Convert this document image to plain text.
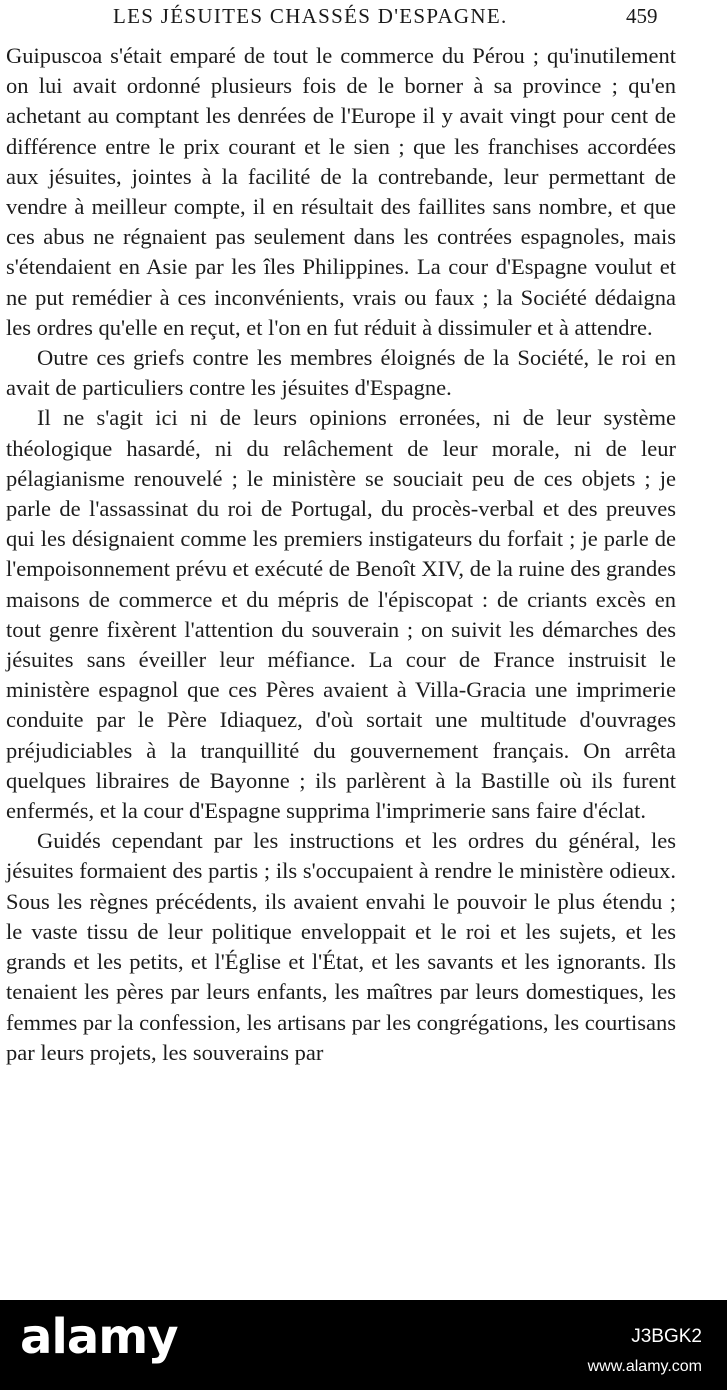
LES JÉSUITES CHASSÉS D'ESPAGNE.	459

Guipuscoa s'était emparé de tout le commerce du Pérou ; qu'inutilement on lui avait ordonné plusieurs fois de le borner à sa province ; qu'en achetant au comptant les denrées de l'Europe il y avait vingt pour cent de différence entre le prix courant et le sien ; que les franchises accordées aux jésuites, jointes à la facilité de la contrebande, leur permettant de vendre à meilleur compte, il en résultait des faillites sans nombre, et que ces abus ne régnaient pas seulement dans les contrées espagnoles, mais s'étendaient en Asie par les îles Philippines. La cour d'Espagne voulut et ne put remédier à ces inconvénients, vrais ou faux ; la Société dédaigna les ordres qu'elle en reçut, et l'on en fut réduit à dissimuler et à attendre.

Outre ces griefs contre les membres éloignés de la Société, le roi en avait de particuliers contre les jésuites d'Espagne.

Il ne s'agit ici ni de leurs opinions erronées, ni de leur système théologique hasardé, ni du relâchement de leur morale, ni de leur pélagianisme renouvelé ; le ministère se souciait peu de ces objets ; je parle de l'assassinat du roi de Portugal, du procès-verbal et des preuves qui les désignaient comme les premiers instigateurs du forfait ; je parle de l'empoisonnement prévu et exécuté de Benoît XIV, de la ruine des grandes maisons de commerce et du mépris de l'épiscopat : de criants excès en tout genre fixèrent l'attention du souverain ; on suivit les démarches des jésuites sans éveiller leur méfiance. La cour de France instruisit le ministère espagnol que ces Pères avaient à Villa-Gracia une imprimerie conduite par le Père Idiaquez, d'où sortait une multitude d'ouvrages préjudiciables à la tranquillité du gouvernement français. On arrêta quelques libraires de Bayonne ; ils parlèrent à la Bastille où ils furent enfermés, et la cour d'Espagne supprima l'imprimerie sans faire d'éclat.

Guidés cependant par les instructions et les ordres du général, les jésuites formaient des partis ; ils s'occupaient à rendre le ministère odieux. Sous les règnes précédents, ils avaient envahi le pouvoir le plus étendu ; le vaste tissu de leur politique enveloppait et le roi et les sujets, et les grands et les petits, et l'Église et l'État, et les savants et les ignorants. Ils tenaient les pères par leurs enfants, les maîtres par leurs domestiques, les femmes par la confession, les artisans par les congrégations, les courtisans par leurs projets, les souverains par

alamy	J3BGK2
www.alamy.com
